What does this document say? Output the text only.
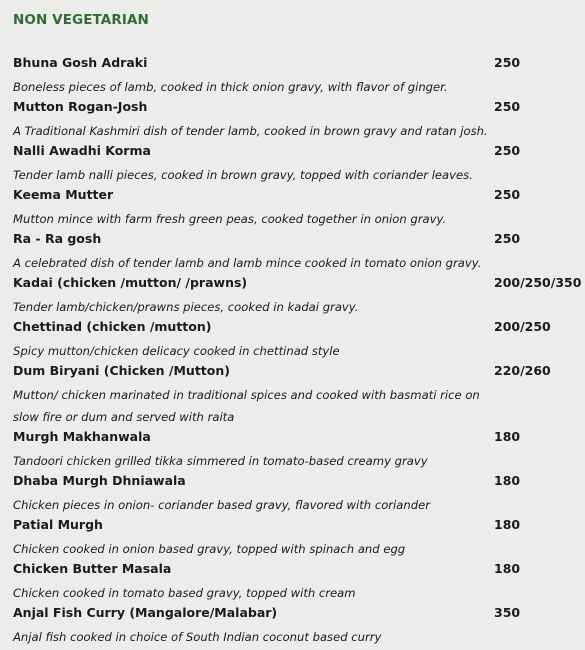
NON VEGETARIAN
Bhuna Gosh Adraki	250
Boneless pieces of lamb, cooked in thick onion gravy, with flavor of ginger.
Mutton Rogan-Josh	250
A Traditional Kashmiri dish of tender lamb, cooked in brown gravy and ratan josh.
Nalli Awadhi Korma	250
Tender lamb nalli pieces, cooked in brown gravy, topped with coriander leaves.
Keema Mutter	250
Mutton mince with farm fresh green peas, cooked together in onion gravy.
Ra - Ra gosh	250
A celebrated dish of tender lamb and lamb mince cooked in tomato onion gravy.
Kadai (chicken /mutton/ /prawns)	200/250/350
Tender lamb/chicken/prawns pieces, cooked in kadai gravy.
Chettinad (chicken /mutton)	200/250
Spicy mutton/chicken delicacy cooked in chettinad style
Dum Biryani (Chicken /Mutton)	220/260
Mutton/ chicken marinated in traditional spices and cooked with basmati rice on slow fire or dum and served with raita
Murgh Makhanwala	180
Tandoori chicken grilled tikka simmered in tomato-based creamy gravy
Dhaba Murgh Dhniawala	180
Chicken pieces in onion- coriander based gravy, flavored with coriander
Patial Murgh	180
Chicken cooked in onion based gravy, topped with spinach and egg
Chicken Butter Masala	180
Chicken cooked in tomato based gravy, topped with cream
Anjal Fish Curry (Mangalore/Malabar)	350
Anjal fish cooked in choice of South Indian coconut based curry
